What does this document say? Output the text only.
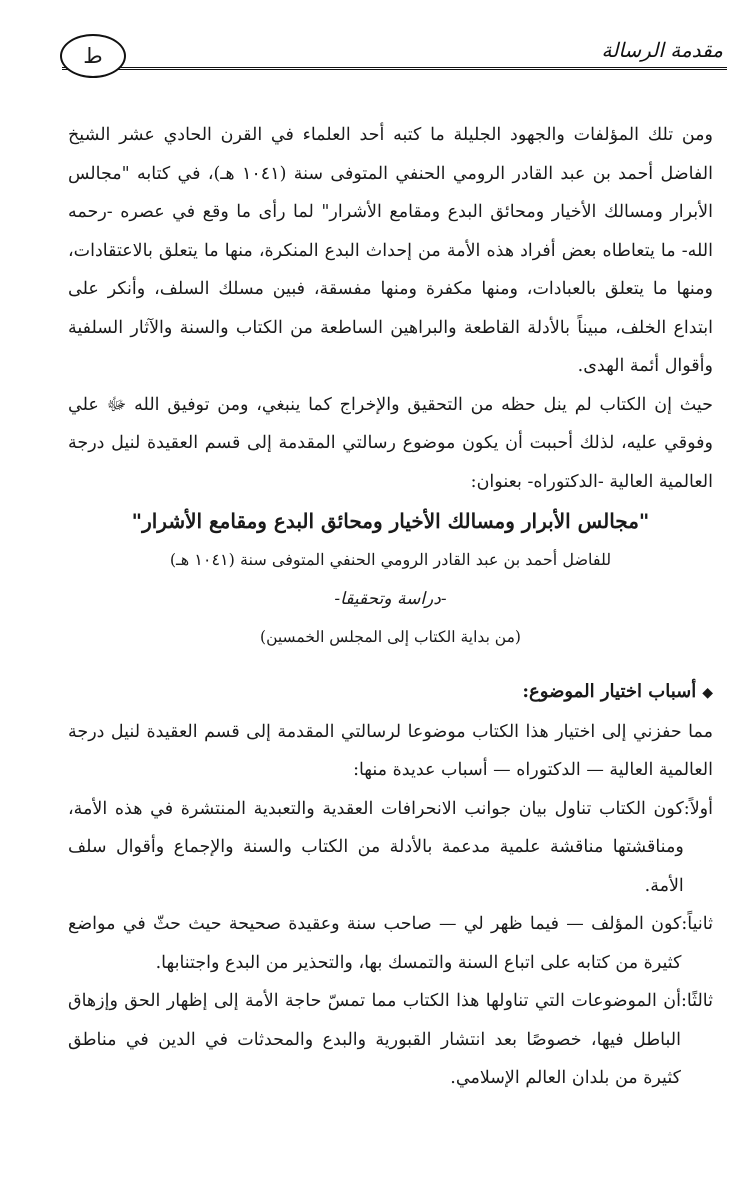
مقدمة الرسالة
ط

ومن تلك المؤلفات والجهود الجليلة ما كتبه أحد العلماء في القرن الحادي عشر الشيخ الفاضل أحمد بن عبد القادر الرومي الحنفي المتوفى سنة (١٠٤١ هـ)، في كتابه "مجالس الأبرار ومسالك الأخيار ومحائق البدع ومقامع الأشرار" لما رأى ما وقع في عصره -رحمه الله- ما يتعاطاه بعض أفراد هذه الأمة من إحداث البدع المنكرة، منها ما يتعلق بالاعتقادات، ومنها ما يتعلق بالعبادات، ومنها مكفرة ومنها مفسقة، فبين مسلك السلف، وأنكر على ابتداع الخلف، مبيناً بالأدلة القاطعة والبراهين الساطعة من الكتاب والسنة والآثار السلفية وأقوال أئمة الهدى.

حيث إن الكتاب لم ينل حظه من التحقيق والإخراج كما ينبغي، ومن توفيق الله ﷻ علي وفوقي عليه، لذلك أحببت أن يكون موضوع رسالتي المقدمة إلى قسم العقيدة لنيل درجة العالمية العالية -الدكتوراه- بعنوان:

"مجالس الأبرار ومسالك الأخيار ومحائق البدع ومقامع الأشرار"
للفاضل أحمد بن عبد القادر الرومي الحنفي المتوفى سنة (١٠٤١ هـ)
-دراسة وتحقيقا-
(من بداية الكتاب إلى المجلس الخمسين)

◆أسباب اختيار الموضوع:

مما حفزني إلى اختيار هذا الكتاب موضوعا لرسالتي المقدمة إلى قسم العقيدة لنيل درجة العالمية العالية — الدكتوراه — أسباب عديدة منها:

أولاً:
كون الكتاب تناول بيان جوانب الانحرافات العقدية والتعبدية المنتشرة في هذه الأمة، ومناقشتها مناقشة علمية مدعمة بالأدلة من الكتاب والسنة والإجماع وأقوال سلف الأمة.
ثانياً:
كون المؤلف — فيما ظهر لي — صاحب سنة وعقيدة صحيحة حيث حثّ في مواضع كثيرة من كتابه على اتباع السنة والتمسك بها، والتحذير من البدع واجتنابها.
ثالثًا:
أن الموضوعات التي تناولها هذا الكتاب مما تمسّ حاجة الأمة إلى إظهار الحق وإزهاق الباطل فيها، خصوصًا بعد انتشار القبورية والبدع والمحدثات في الدين في مناطق كثيرة من بلدان العالم الإسلامي.
